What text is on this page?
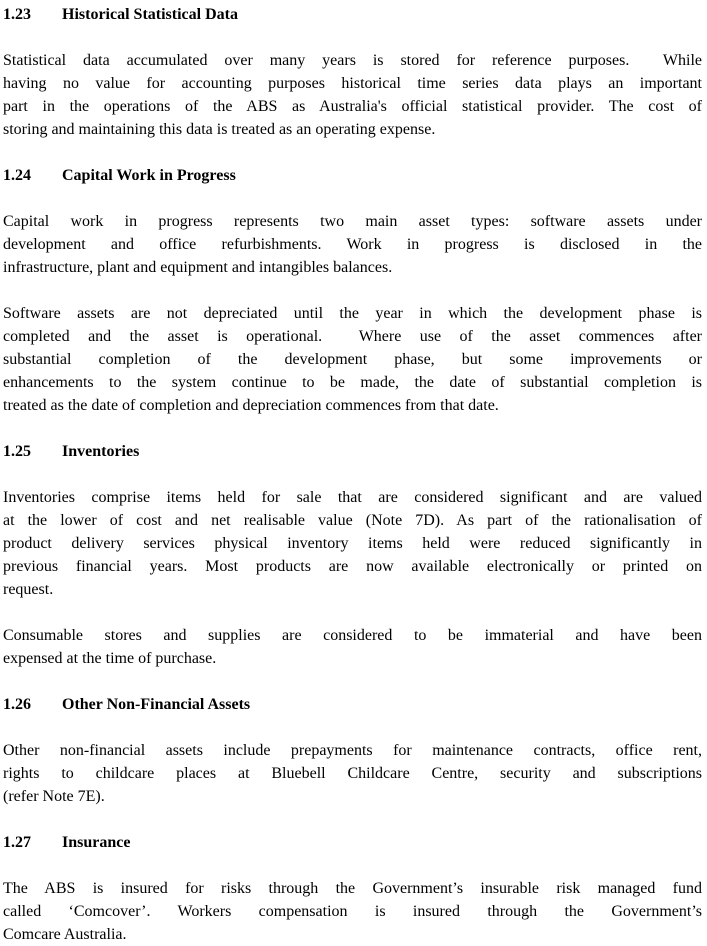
1.23 Historical Statistical Data
Statistical data accumulated over many years is stored for reference purposes.  While
having no value for accounting purposes historical time series data plays an important
part in the operations of the ABS as Australia's official statistical provider. The cost of
storing and maintaining this data is treated as an operating expense.
1.24 Capital Work in Progress
Capital work in progress represents two main asset types: software assets under
development and office refurbishments. Work in progress is disclosed in the
infrastructure, plant and equipment and intangibles balances.
Software assets are not depreciated until the year in which the development phase is
completed and the asset is operational.  Where use of the asset commences after
substantial completion of the development phase, but some improvements or
enhancements to the system continue to be made, the date of substantial completion is
treated as the date of completion and depreciation commences from that date.
1.25 Inventories
Inventories comprise items held for sale that are considered significant and are valued
at the lower of cost and net realisable value (Note 7D). As part of the rationalisation of
product delivery services physical inventory items held were reduced significantly in
previous financial years. Most products are now available electronically or printed on
request.
Consumable stores and supplies are considered to be immaterial and have been
expensed at the time of purchase.
1.26 Other Non-Financial Assets
Other non-financial assets include prepayments for maintenance contracts, office rent,
rights to childcare places at Bluebell Childcare Centre, security and subscriptions
(refer Note 7E).
1.27 Insurance
The ABS is insured for risks through the Government’s insurable risk managed fund
called ‘Comcover’. Workers compensation is insured through the Government’s
Comcare Australia.
